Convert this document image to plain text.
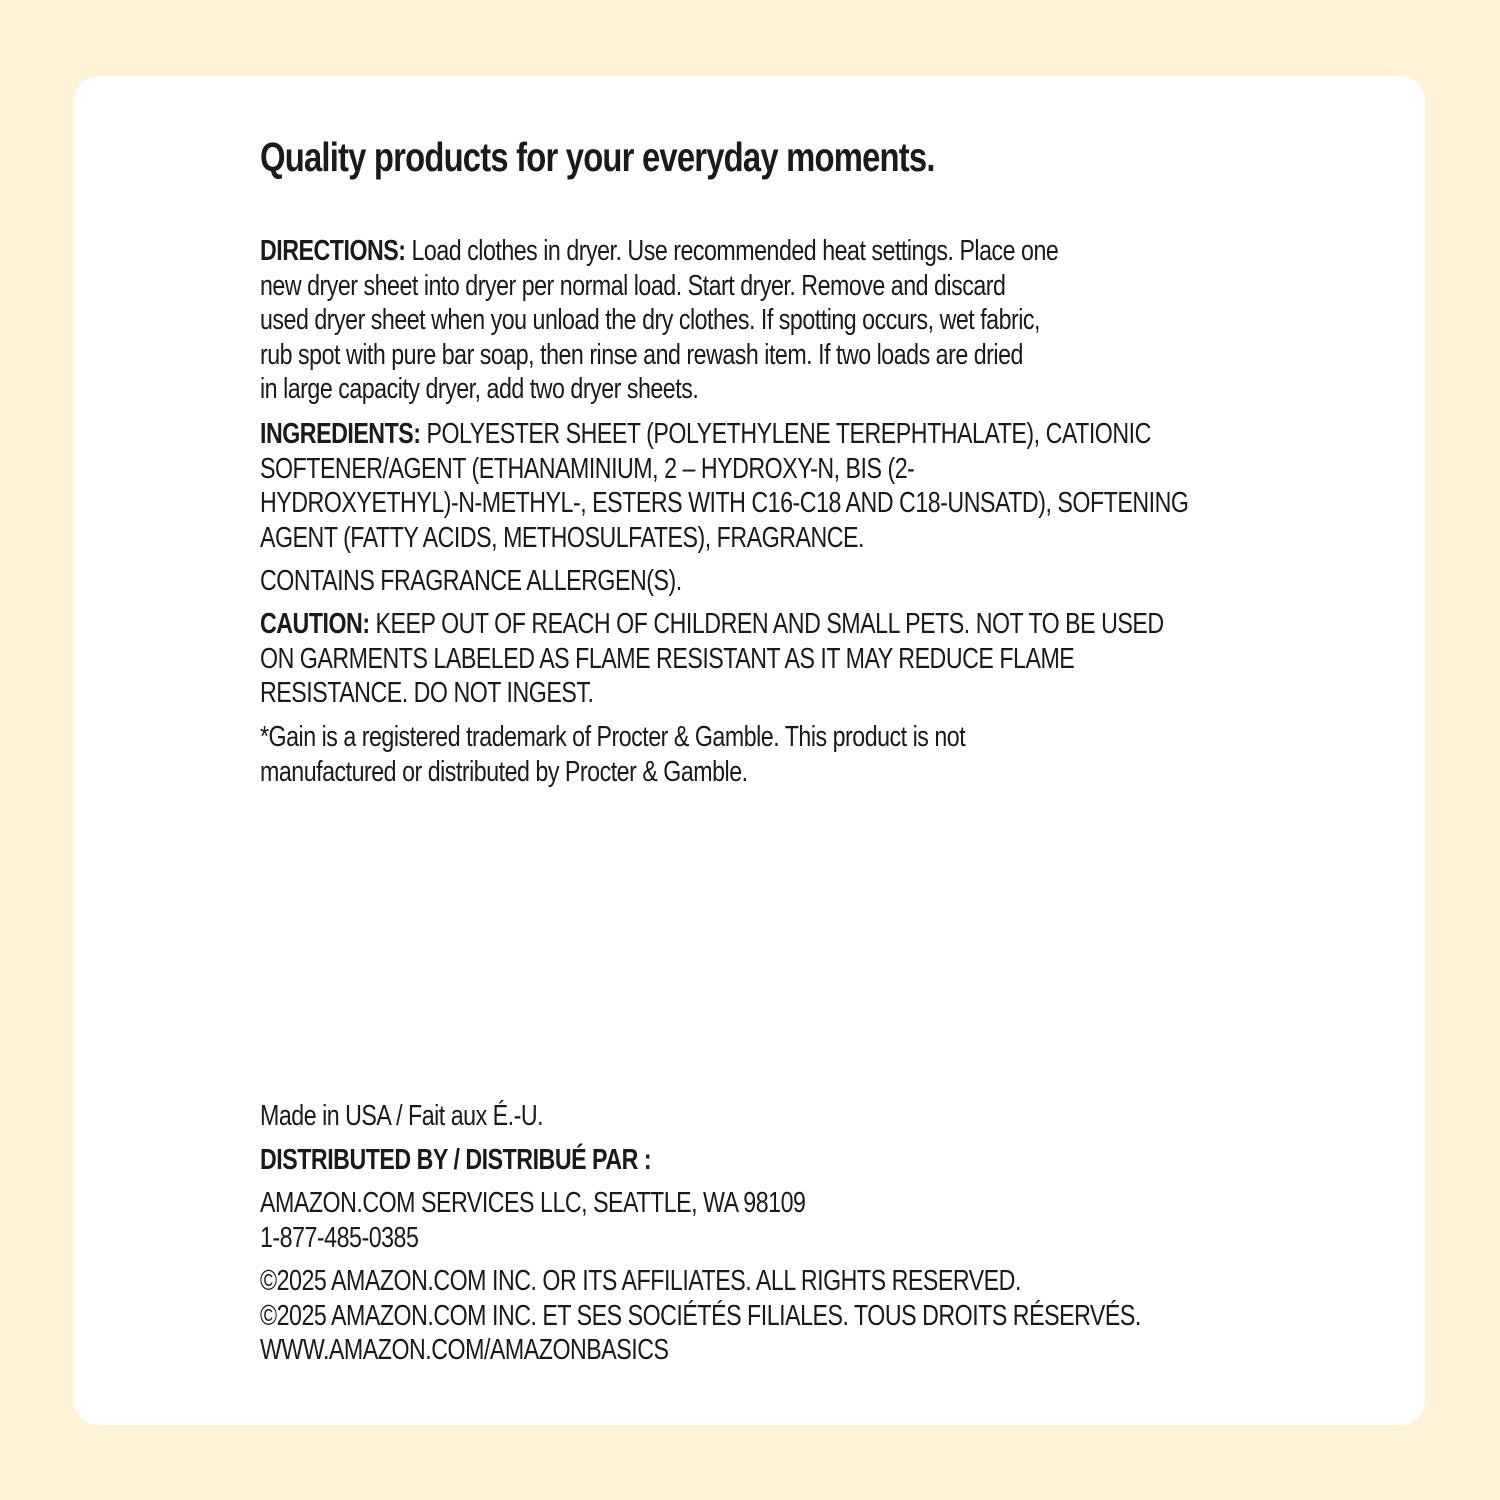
Quality products for your everyday moments.
DIRECTIONS: Load clothes in dryer. Use recommended heat settings. Place one
new dryer sheet into dryer per normal load. Start dryer. Remove and discard
used dryer sheet when you unload the dry clothes. If spotting occurs, wet fabric,
rub spot with pure bar soap, then rinse and rewash item. If two loads are dried
in large capacity dryer, add two dryer sheets.
INGREDIENTS: POLYESTER SHEET (POLYETHYLENE TEREPHTHALATE), CATIONIC
SOFTENER/AGENT (ETHANAMINIUM, 2 – HYDROXY-N, BIS (2-
HYDROXYETHYL)-N-METHYL-, ESTERS WITH C16-C18 AND C18-UNSATD), SOFTENING
AGENT (FATTY ACIDS, METHOSULFATES), FRAGRANCE.
CONTAINS FRAGRANCE ALLERGEN(S).
CAUTION: KEEP OUT OF REACH OF CHILDREN AND SMALL PETS. NOT TO BE USED
ON GARMENTS LABELED AS FLAME RESISTANT AS IT MAY REDUCE FLAME
RESISTANCE. DO NOT INGEST.
*Gain is a registered trademark of Procter & Gamble. This product is not
manufactured or distributed by Procter & Gamble.
Made in USA / Fait aux É.-U.
DISTRIBUTED BY / DISTRIBUÉ PAR :
AMAZON.COM SERVICES LLC, SEATTLE, WA 98109
1-877-485-0385
©2025 AMAZON.COM INC. OR ITS AFFILIATES. ALL RIGHTS RESERVED.
©2025 AMAZON.COM INC. ET SES SOCIÉTÉS FILIALES. TOUS DROITS RÉSERVÉS.
WWW.AMAZON.COM/AMAZONBASICS
